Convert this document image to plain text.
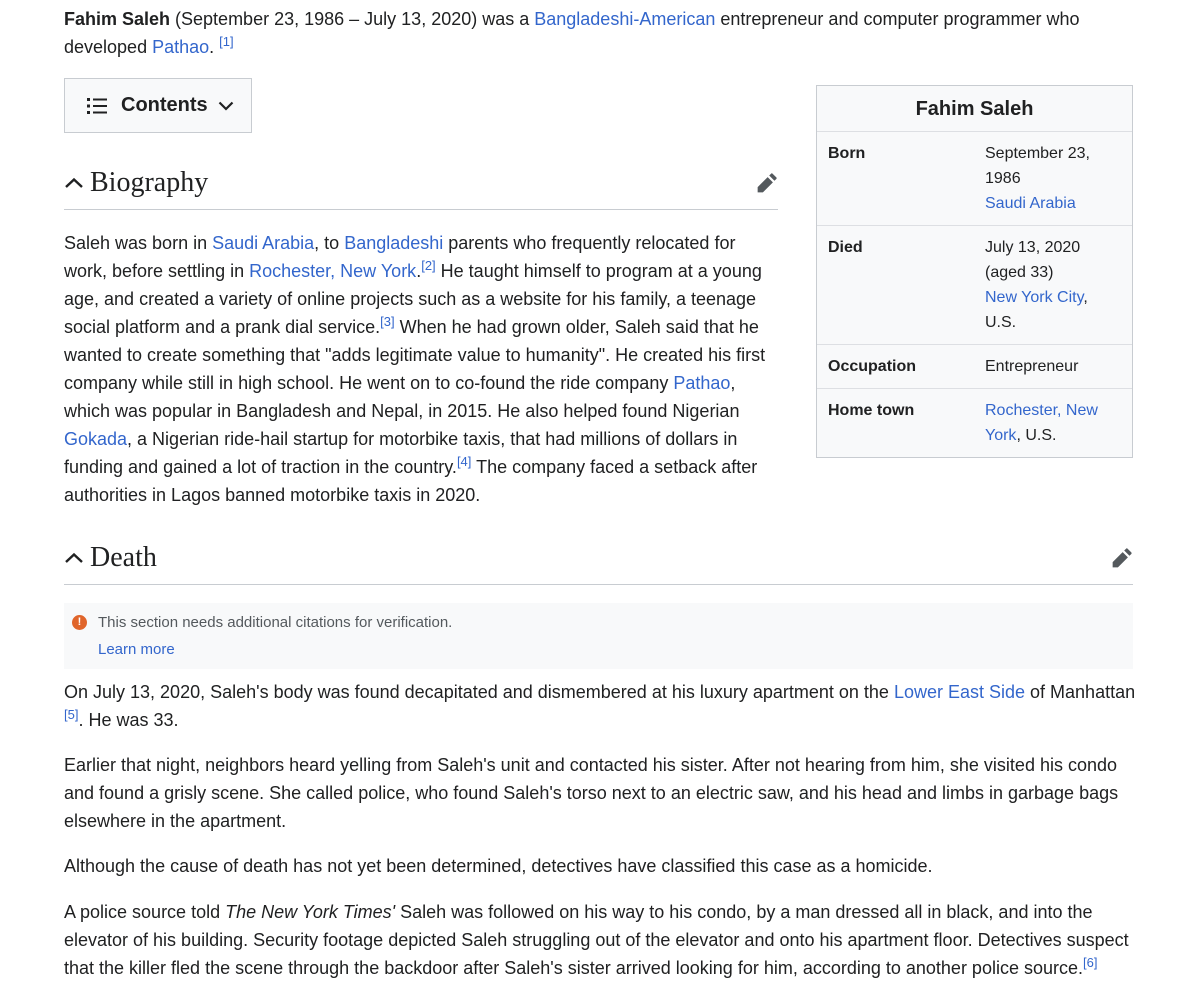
Fahim Saleh (September 23, 1986 – July 13, 2020) was a Bangladeshi-American entrepreneur and computer programmer who developed Pathao. [1]

Contents
Biography

Saleh was born in Saudi Arabia, to Bangladeshi parents who frequently relocated for work, before settling in Rochester, New York.[2] He taught himself to program at a young age, and created a variety of online projects such as a website for his family, a teenage social platform and a prank dial service.[3] When he had grown older, Saleh said that he wanted to create something that "adds legitimate value to humanity". He created his first company while still in high school. He went on to co-found the ride company Pathao, which was popular in Bangladesh and Nepal, in 2015. He also helped found Nigerian Gokada, a Nigerian ride-hail startup for motorbike taxis, that had millions of dollars in funding and gained a lot of traction in the country.[4] The company faced a setback after authorities in Lagos banned motorbike taxis in 2020.

Death
!	This section needs additional citations for verification.
Learn more

On July 13, 2020, Saleh's body was found decapitated and dismembered at his luxury apartment on the Lower East Side of Manhattan [5]. He was 33.

Earlier that night, neighbors heard yelling from Saleh's unit and contacted his sister. After not hearing from him, she visited his condo and found a grisly scene. She called police, who found Saleh's torso next to an electric saw, and his head and limbs in garbage bags elsewhere in the apartment.

Although the cause of death has not yet been determined, detectives have classified this case as a homicide.

A police source told The New York Times' Saleh was followed on his way to his condo, by a man dressed all in black, and into the elevator of his building. Security footage depicted Saleh struggling out of the elevator and onto his apartment floor. Detectives suspect that the killer fled the scene through the backdoor after Saleh's sister arrived looking for him, according to another police source.[6]

Fahim Saleh
Born	September 23,
1986
Saudi Arabia
Died	July 13, 2020
(aged 33)
New York City,
U.S.
Occupation	Entrepreneur
Home town	Rochester, New
York, U.S.
